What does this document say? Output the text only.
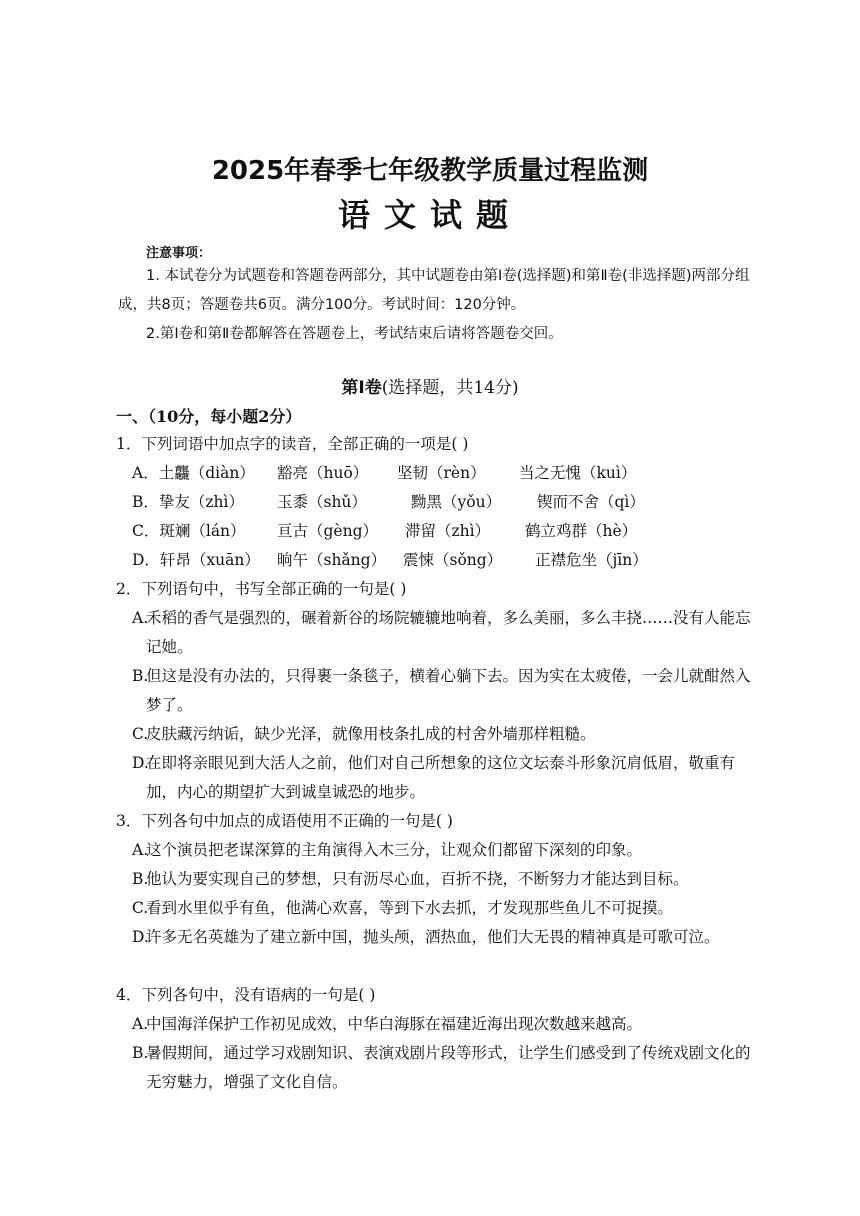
2025年春季七年级教学质量过程监测
语文试题
注意事项：

1. 本试卷分为试题卷和答题卷两部分，其中试题卷由第Ⅰ卷(选择题)和第Ⅱ卷(非选择题)两部分组成，共8页；答题卷共6页。满分100分。考试时间：120分钟。

2.第Ⅰ卷和第Ⅱ卷都解答在答题卷上，考试结束后请将答题卷交回。

第Ⅰ卷(选择题，共14分)
一、（10分，每小题2分）
1．下列词语中加点字的读音，全部正确的一项是( )
A．土龘（diàn） 豁亮（huō） 坚韧（rèn） 当之无愧（kuì）
B．挚友（zhì） 玉黍（shǔ）	黝黑（yǒu） 锲而不舍（qì）
C．斑斓（lán） 亘古（gèng） 滞留（zhì） 鹤立鸡群（hè）
D．轩昂（xuān） 晌午（shǎng） 震悚（sǒng） 正襟危坐（jīn）
2．下列语句中，书写全部正确的一句是( )
A.
禾稻的香气是强烈的，碾着新谷的场院辘辘地响着，多么美丽，多么丰挠……没有人能忘记她。
B.
但这是没有办法的，只得裹一条毯子，横着心躺下去。因为实在太疲倦，一会儿就酣然入梦了。
C.
皮肤藏污纳诟，缺少光泽，就像用枝条扎成的村舍外墙那样粗糙。
D.
在即将亲眼见到大活人之前，他们对自己所想象的这位文坛泰斗形象沉肩低眉，敬重有加，内心的期望扩大到诚皇诚恐的地步。
3．下列各句中加点的成语使用不正确的一句是( )
A.
这个演员把老谋深算的主角演得入木三分，让观众们都留下深刻的印象。
B.
他认为要实现自己的梦想，只有沥尽心血，百折不挠，不断努力才能达到目标。
C.
看到水里似乎有鱼，他满心欢喜，等到下水去抓，才发现那些鱼儿不可捉摸。
D.
许多无名英雄为了建立新中国，抛头颅，洒热血，他们大无畏的精神真是可歌可泣。
4．下列各句中，没有语病的一句是( )
A.
中国海洋保护工作初见成效，中华白海豚在福建近海出现次数越来越高。
B.
暑假期间，通过学习戏剧知识、表演戏剧片段等形式，让学生们感受到了传统戏剧文化的无穷魅力，增强了文化自信。
